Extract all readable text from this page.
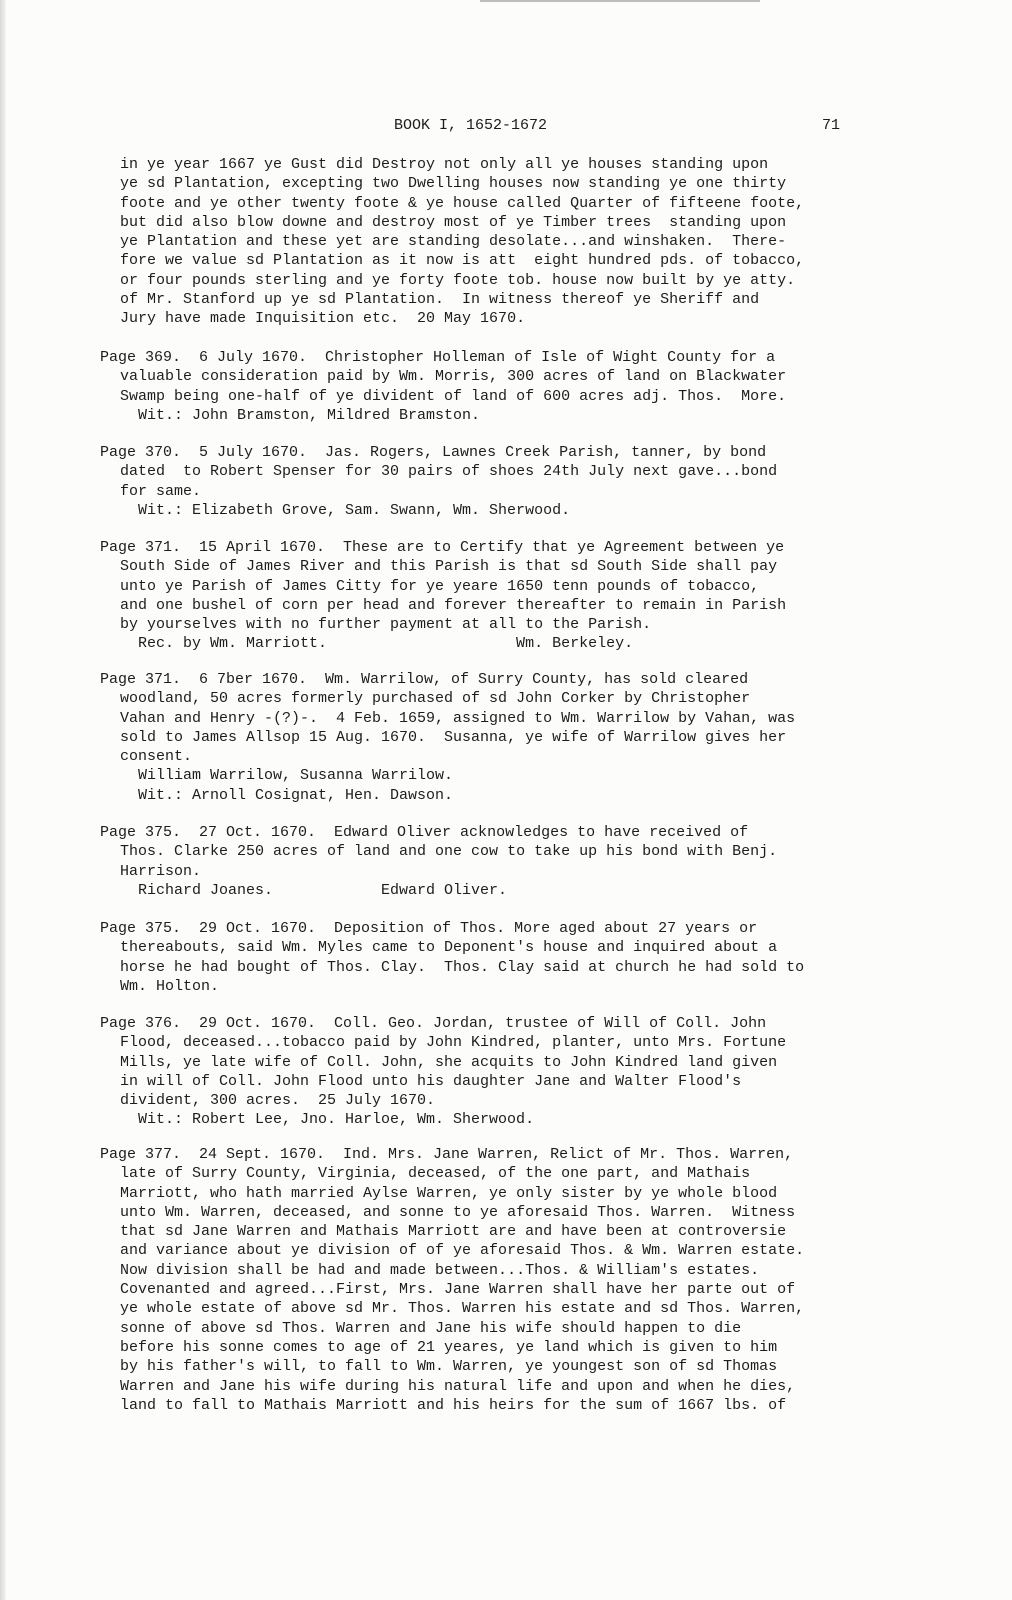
BOOK I, 1652-1672	71
in ye year 1667 ye Gust did Destroy not only all ye houses standing upon
ye sd Plantation, excepting two Dwelling houses now standing ye one thirty
foote and ye other twenty foote & ye house called Quarter of fifteene foote,
but did also blow downe and destroy most of ye Timber trees  standing upon
ye Plantation and these yet are standing desolate...and winshaken.  There-
fore we value sd Plantation as it now is att  eight hundred pds. of tobacco,
or four pounds sterling and ye forty foote tob. house now built by ye atty.
of Mr. Stanford up ye sd Plantation.  In witness thereof ye Sheriff and
Jury have made Inquisition etc.  20 May 1670.
Page 369.  6 July 1670.  Christopher Holleman of Isle of Wight County for a
valuable consideration paid by Wm. Morris, 300 acres of land on Blackwater
Swamp being one-half of ye divident of land of 600 acres adj. Thos.  More.
Wit.: John Bramston, Mildred Bramston.
Page 370.  5 July 1670.  Jas. Rogers, Lawnes Creek Parish, tanner, by bond
dated  to Robert Spenser for 30 pairs of shoes 24th July next gave...bond
for same.
Wit.: Elizabeth Grove, Sam. Swann, Wm. Sherwood.
Page 371.  15 April 1670.  These are to Certify that ye Agreement between ye
South Side of James River and this Parish is that sd South Side shall pay
unto ye Parish of James Citty for ye yeare 1650 tenn pounds of tobacco,
and one bushel of corn per head and forever thereafter to remain in Parish
by yourselves with no further payment at all to the Parish.
Rec. by Wm. Marriott.                     Wm. Berkeley.
Page 371.  6 7ber 1670.  Wm. Warrilow, of Surry County, has sold cleared
woodland, 50 acres formerly purchased of sd John Corker by Christopher
Vahan and Henry -(?)-.  4 Feb. 1659, assigned to Wm. Warrilow by Vahan, was
sold to James Allsop 15 Aug. 1670.  Susanna, ye wife of Warrilow gives her
consent.
William Warrilow, Susanna Warrilow.
Wit.: Arnoll Cosignat, Hen. Dawson.
Page 375.  27 Oct. 1670.  Edward Oliver acknowledges to have received of
Thos. Clarke 250 acres of land and one cow to take up his bond with Benj.
Harrison.
Richard Joanes.            Edward Oliver.
Page 375.  29 Oct. 1670.  Deposition of Thos. More aged about 27 years or
thereabouts, said Wm. Myles came to Deponent's house and inquired about a
horse he had bought of Thos. Clay.  Thos. Clay said at church he had sold to
Wm. Holton.
Page 376.  29 Oct. 1670.  Coll. Geo. Jordan, trustee of Will of Coll. John
Flood, deceased...tobacco paid by John Kindred, planter, unto Mrs. Fortune
Mills, ye late wife of Coll. John, she acquits to John Kindred land given
in will of Coll. John Flood unto his daughter Jane and Walter Flood's
divident, 300 acres.  25 July 1670.
Wit.: Robert Lee, Jno. Harloe, Wm. Sherwood.
Page 377.  24 Sept. 1670.  Ind. Mrs. Jane Warren, Relict of Mr. Thos. Warren,
late of Surry County, Virginia, deceased, of the one part, and Mathais
Marriott, who hath married Aylse Warren, ye only sister by ye whole blood
unto Wm. Warren, deceased, and sonne to ye aforesaid Thos. Warren.  Witness
that sd Jane Warren and Mathais Marriott are and have been at controversie
and variance about ye division of of ye aforesaid Thos. & Wm. Warren estate.
Now division shall be had and made between...Thos. & William's estates.
Covenanted and agreed...First, Mrs. Jane Warren shall have her parte out of
ye whole estate of above sd Mr. Thos. Warren his estate and sd Thos. Warren,
sonne of above sd Thos. Warren and Jane his wife should happen to die
before his sonne comes to age of 21 yeares, ye land which is given to him
by his father's will, to fall to Wm. Warren, ye youngest son of sd Thomas
Warren and Jane his wife during his natural life and upon and when he dies,
land to fall to Mathais Marriott and his heirs for the sum of 1667 lbs. of
